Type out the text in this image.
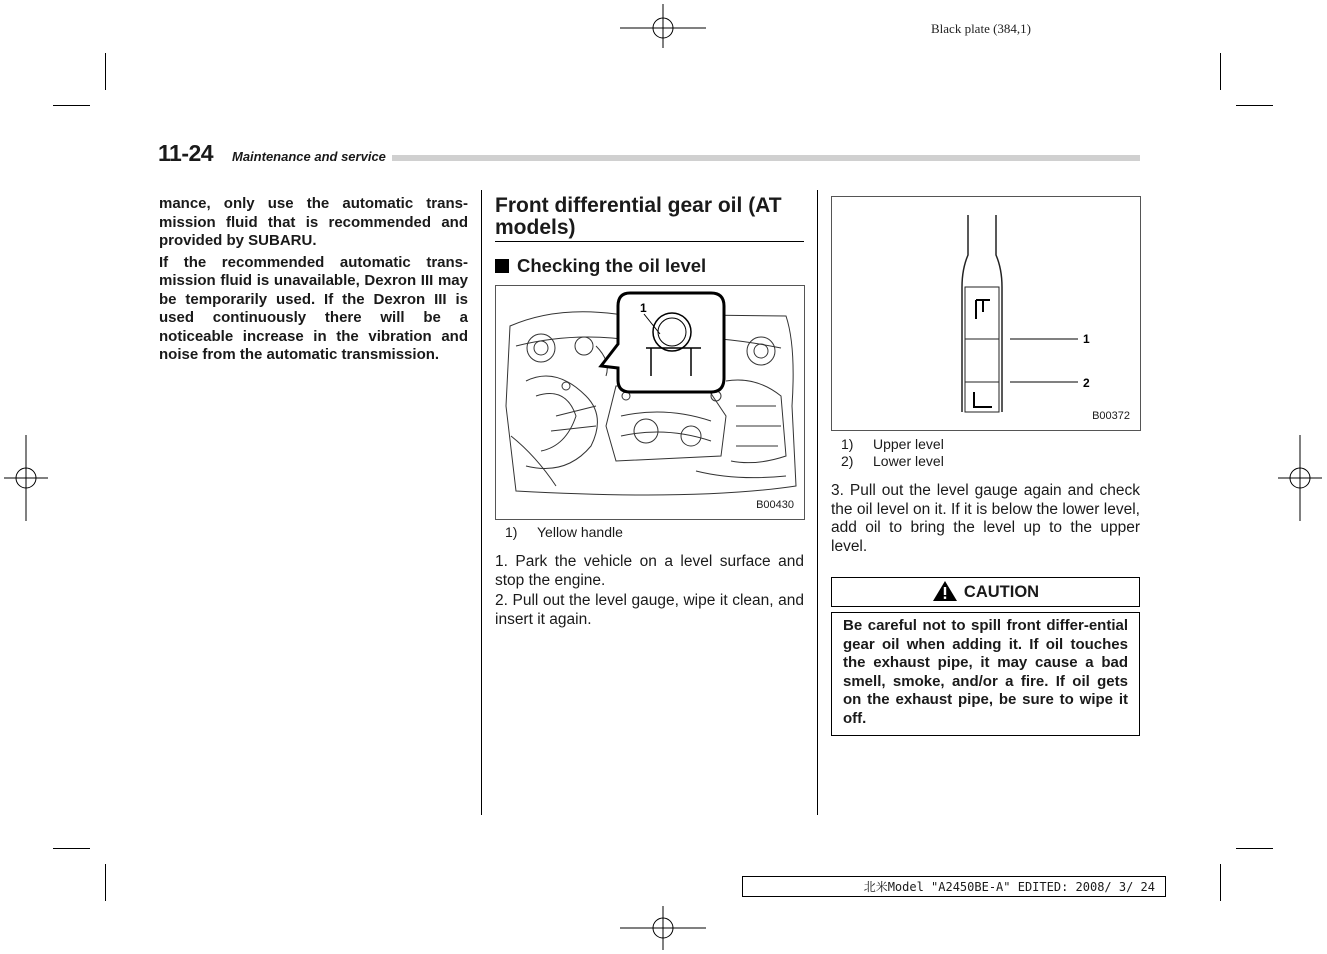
Black plate (384,1)
11-24 Maintenance and service

mance, only use the automatic trans-mission fluid that is recommended and provided by SUBARU.

If the recommended automatic trans-mission fluid is unavailable, Dexron III may be temporarily used. If the Dexron III is used continuously there will be a noticeable increase in the vibration and noise from the automatic transmission.

Front differential gear oil (AT models)
Checking the oil level
1
B00430
1) Yellow handle

1. Park the vehicle on a level surface and stop the engine.

2. Pull out the level gauge, wipe it clean, and insert it again.

1
2
B00372
1) Upper level
2) Lower level

3. Pull out the level gauge again and check the oil level on it. If it is below the lower level, add oil to bring the level up to the upper level.

CAUTION
Be careful not to spill front differ-ential gear oil when adding it. If oil touches the exhaust pipe, it may cause a bad smell, smoke, and/or a fire. If oil gets on the exhaust pipe, be sure to wipe it off.
北米Model "A2450BE-A" EDITED: 2008/ 3/ 24
